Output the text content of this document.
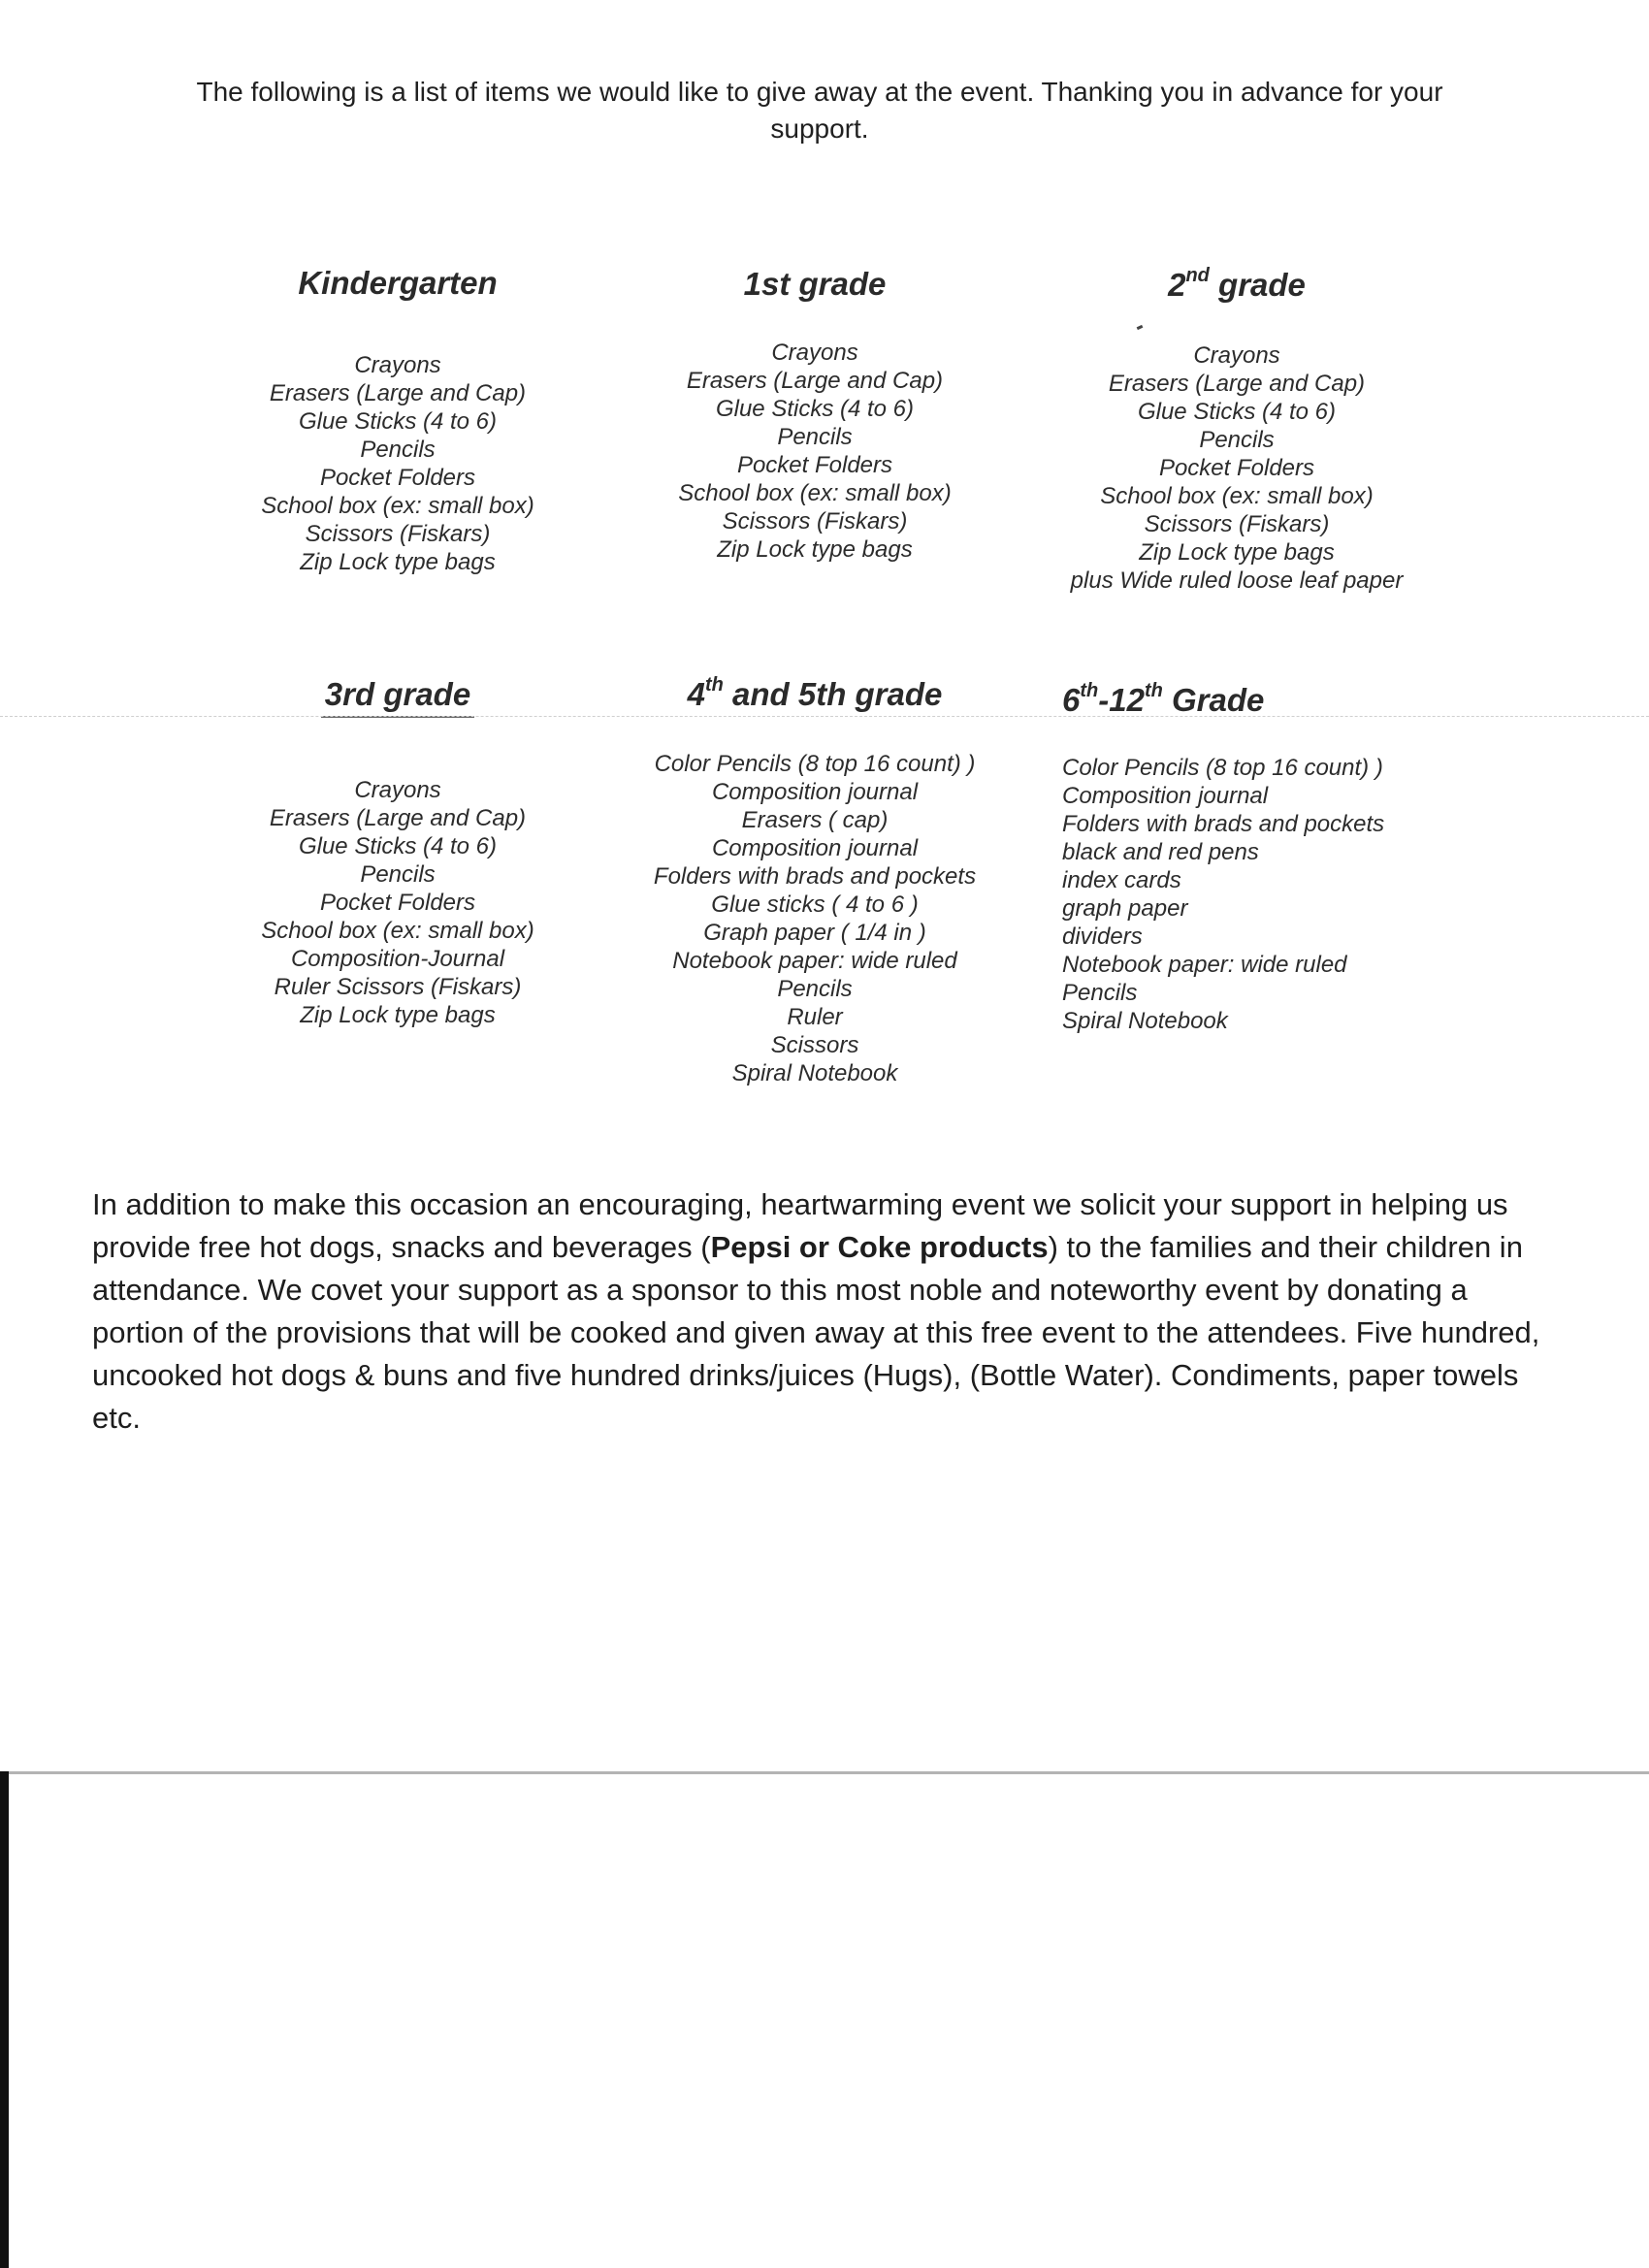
The following is a list of items we would like to give away at the event. Thanking you in advance for your
support.
Kindergarten
Crayons
Erasers (Large and Cap)
Glue Sticks (4 to 6)
Pencils
Pocket Folders
School box (ex: small box)
Scissors (Fiskars)
Zip Lock type bags
1st grade
Crayons
Erasers (Large and Cap)
Glue Sticks (4 to 6)
Pencils
Pocket Folders
School box (ex: small box)
Scissors (Fiskars)
Zip Lock type bags
2nd grade
Crayons
Erasers (Large and Cap)
Glue Sticks (4 to 6)
Pencils
Pocket Folders
School box (ex: small box)
Scissors (Fiskars)
Zip Lock type bags
plus Wide ruled loose leaf paper
3rd grade
Crayons
Erasers (Large and Cap)
Glue Sticks (4 to 6)
Pencils
Pocket Folders
School box (ex: small box)
Composition-Journal
Ruler Scissors (Fiskars)
Zip Lock type bags
4th and 5th grade
Color Pencils (8 top 16 count) )
Composition journal
Erasers ( cap)
Composition journal
Folders with brads and pockets
Glue sticks ( 4 to 6 )
Graph paper ( 1/4 in )
Notebook paper: wide ruled
Pencils
Ruler
Scissors
Spiral Notebook
6th-12th Grade
Color Pencils (8 top 16 count) )
Composition journal
Folders with brads and pockets
black and red pens
index cards
graph paper
dividers
Notebook paper: wide ruled
Pencils
Spiral Notebook
In addition to make this occasion an encouraging, heartwarming event we solicit your support in helping us provide free hot dogs, snacks and beverages (Pepsi or Coke products) to the families and their children in attendance. We covet your support as a sponsor to this most noble and noteworthy event by donating a portion of the provisions that will be cooked and given away at this free event to the attendees. Five hundred, uncooked hot dogs & buns and five hundred drinks/juices (Hugs), (Bottle Water). Condiments, paper towels etc.
